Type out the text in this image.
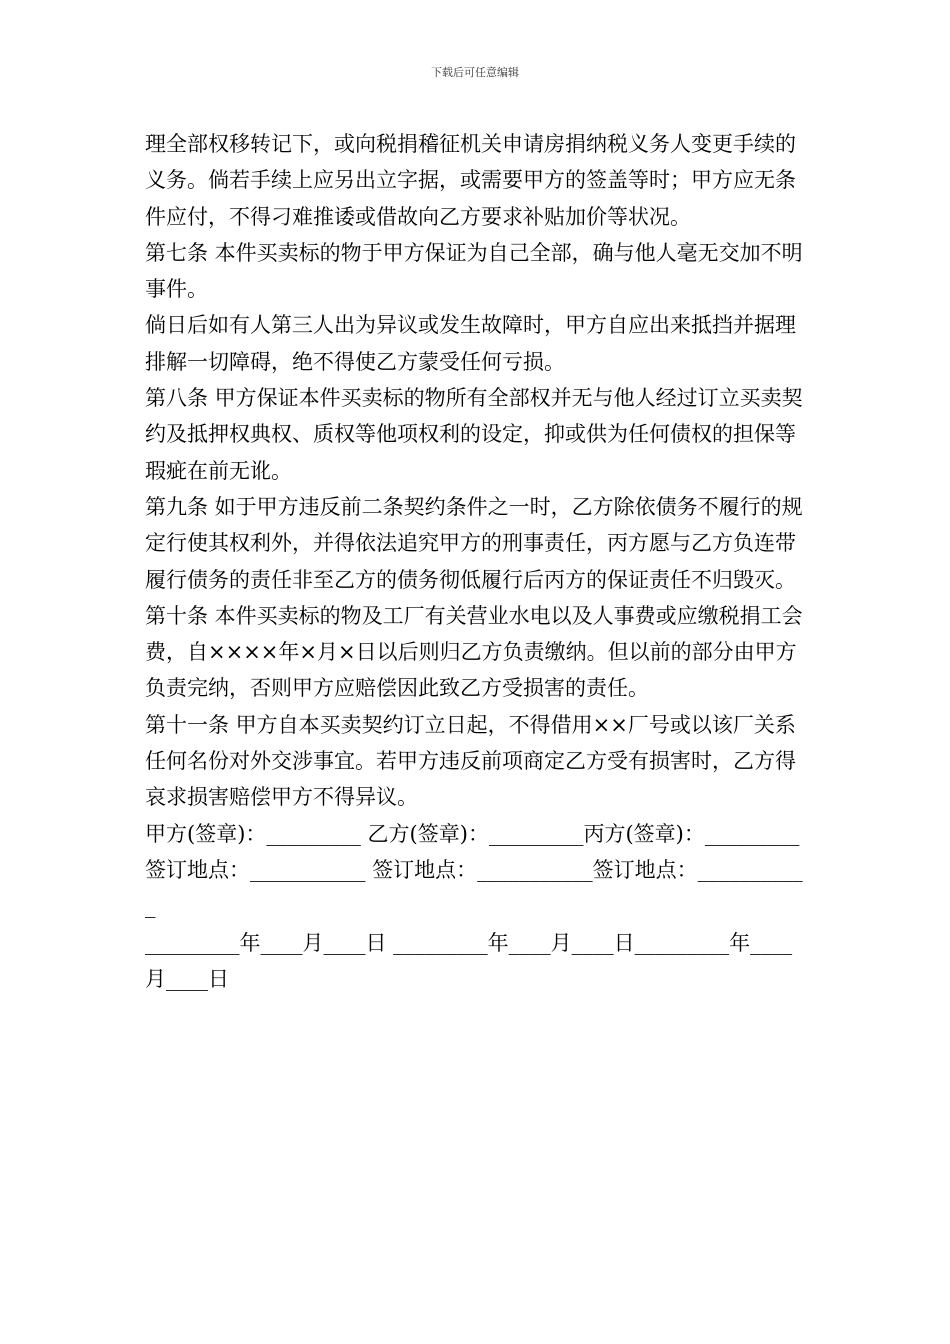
下载后可任意编辑

理全部权移转记下，或向税捐稽征机关申请房捐纳税义务人变更手续的义务。倘若手续上应另出立字据，或需要甲方的签盖等时；甲方应无条件应付，不得刁难推诿或借故向乙方要求补贴加价等状况。

第七条 本件买卖标的物于甲方保证为自己全部，确与他人毫无交加不明事件。

倘日后如有人第三人出为异议或发生故障时，甲方自应出来抵挡并据理排解一切障碍，绝不得使乙方蒙受任何亏损。

第八条 甲方保证本件买卖标的物所有全部权并无与他人经过订立买卖契约及抵押权典权、质权等他项权利的设定，抑或供为任何债权的担保等瑕疵在前无讹。

第九条 如于甲方违反前二条契约条件之一时，乙方除依债务不履行的规定行使其权利外，并得依法追究甲方的刑事责任，丙方愿与乙方负连带履行债务的责任非至乙方的债务彻低履行后丙方的保证责任不归毁灭。

第十条 本件买卖标的物及工厂有关营业水电以及人事费或应缴税捐工会费，自××××年×月×日以后则归乙方负责缴纳。但以前的部分由甲方负责完纳，否则甲方应赔偿因此致乙方受损害的责任。

第十一条 甲方自本买卖契约订立日起，不得借用××厂号或以该厂关系任何名份对外交涉事宜。若甲方违反前项商定乙方受有损害时，乙方得哀求损害赔偿甲方不得异议。

甲方(签章)：_________ 乙方(签章)：_________丙方(签章)：_________

签订地点：___________ 签订地点：___________签订地点：___________

_________年____月____日 _________年____月____日_________年____月____日
